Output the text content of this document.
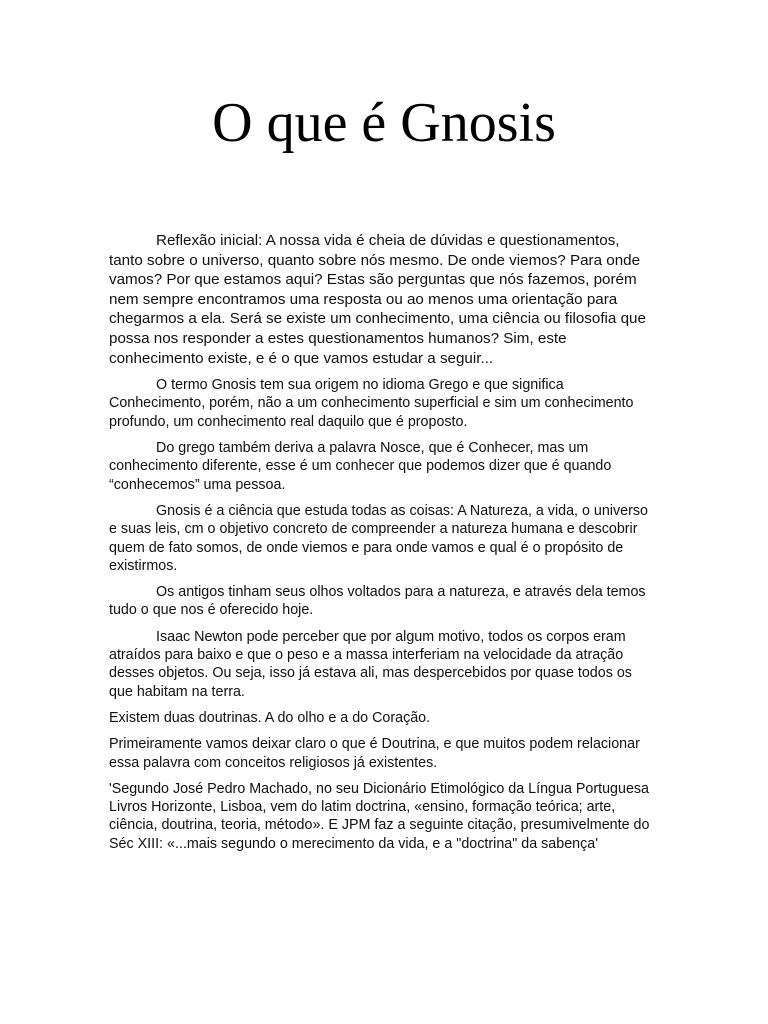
O que é Gnosis

Reflexão inicial: A nossa vida é cheia de dúvidas e questionamentos, tanto sobre o universo, quanto sobre nós mesmo. De onde viemos? Para onde vamos? Por que estamos aqui? Estas são perguntas que nós fazemos, porém nem sempre encontramos uma resposta ou ao menos uma orientação para chegarmos a ela. Será se existe um conhecimento, uma ciência ou filosofia que possa nos responder a estes questionamentos humanos? Sim, este conhecimento existe, e é o que vamos estudar a seguir...

O termo Gnosis tem sua origem no idioma Grego e que significa Conhecimento, porém, não a um conhecimento superficial e sim um conhecimento profundo, um conhecimento real daquilo que é proposto.

Do grego também deriva a palavra Nosce, que é Conhecer, mas um conhecimento diferente, esse é um conhecer que podemos dizer que é quando “conhecemos” uma pessoa.

Gnosis é a ciência que estuda todas as coisas: A Natureza, a vida, o universo e suas leis, cm o objetivo concreto de compreender a natureza humana e descobrir quem de fato somos, de onde viemos e para onde vamos e qual é o propósito de existirmos.

Os antigos tinham seus olhos voltados para a natureza, e através dela temos tudo o que nos é oferecido hoje.

Isaac Newton pode perceber que por algum motivo, todos os corpos eram atraídos para baixo e que o peso e a massa interferiam na velocidade da atração desses objetos. Ou seja, isso já estava ali, mas despercebidos por quase todos os que habitam na terra.

Existem duas doutrinas. A do olho e a do Coração.

Primeiramente vamos deixar claro o que é Doutrina, e que muitos podem relacionar essa palavra com conceitos religiosos já existentes.

'Segundo José Pedro Machado, no seu Dicionário Etimológico da Língua Portuguesa Livros Horizonte, Lisboa, vem do latim doctrina, «ensino, formação teórica; arte, ciência, doutrina, teoria, método». E JPM faz a seguinte citação, presumivelmente do Séc XIII: «...mais segundo o merecimento da vida, e a "doctrina" da sabença'
